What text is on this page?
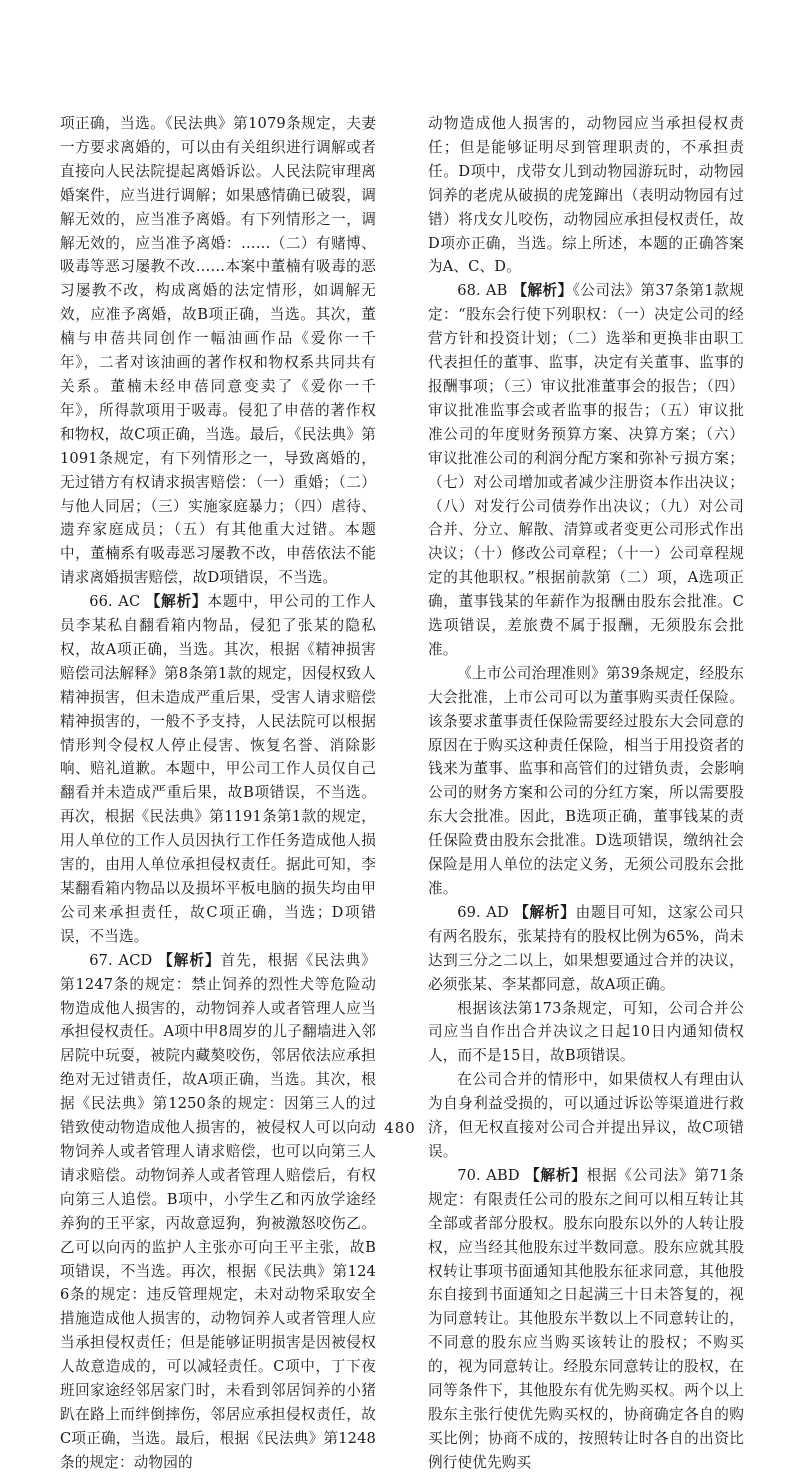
项正确，当选。《民法典》第1079条规定，夫妻一方要求离婚的，可以由有关组织进行调解或者直接向人民法院提起离婚诉讼。人民法院审理离婚案件，应当进行调解；如果感情确已破裂，调解无效的，应当准予离婚。有下列情形之一，调解无效的，应当准予离婚：……（二）有赌博、吸毒等恶习屡教不改……本案中董楠有吸毒的恶习屡教不改，构成离婚的法定情形，如调解无效，应准予离婚，故B项正确，当选。其次，董楠与申蓓共同创作一幅油画作品《爱你一千年》，二者对该油画的著作权和物权系共同共有关系。董楠未经申蓓同意变卖了《爱你一千年》，所得款项用于吸毒。侵犯了申蓓的著作权和物权，故C项正确，当选。最后，《民法典》第1091条规定，有下列情形之一，导致离婚的，无过错方有权请求损害赔偿：（一）重婚；（二）与他人同居；（三）实施家庭暴力；（四）虐待、遗弃家庭成员；（五）有其他重大过错。本题中，董楠系有吸毒恶习屡教不改，申蓓依法不能请求离婚损害赔偿，故D项错误，不当选。

66. AC 【解析】本题中，甲公司的工作人员李某私自翻看箱内物品，侵犯了张某的隐私权，故A项正确，当选。其次，根据《精神损害赔偿司法解释》第8条第1款的规定，因侵权致人精神损害，但未造成严重后果，受害人请求赔偿精神损害的，一般不予支持，人民法院可以根据情形判令侵权人停止侵害、恢复名誉、消除影响、赔礼道歉。本题中，甲公司工作人员仅自己翻看并未造成严重后果，故B项错误，不当选。再次，根据《民法典》第1191条第1款的规定，用人单位的工作人员因执行工作任务造成他人损害的，由用人单位承担侵权责任。据此可知，李某翻看箱内物品以及损坏平板电脑的损失均由甲公司来承担责任，故C项正确，当选；D项错误，不当选。

67. ACD 【解析】首先，根据《民法典》第1247条的规定：禁止饲养的烈性犬等危险动物造成他人损害的，动物饲养人或者管理人应当承担侵权责任。A项中甲8周岁的儿子翻墙进入邻居院中玩耍，被院内藏獒咬伤，邻居依法应承担绝对无过错责任，故A项正确，当选。其次，根据《民法典》第1250条的规定：因第三人的过错致使动物造成他人损害的，被侵权人可以向动物饲养人或者管理人请求赔偿，也可以向第三人请求赔偿。动物饲养人或者管理人赔偿后，有权向第三人追偿。B项中，小学生乙和丙放学途经养狗的王平家，丙故意逗狗，狗被激怒咬伤乙。乙可以向丙的监护人主张亦可向王平主张，故B项错误，不当选。再次，根据《民法典》第1246条的规定：违反管理规定，未对动物采取安全措施造成他人损害的，动物饲养人或者管理人应当承担侵权责任；但是能够证明损害是因被侵权人故意造成的，可以减轻责任。C项中，丁下夜班回家途经邻居家门时，未看到邻居饲养的小猪趴在路上而绊倒摔伤，邻居应承担侵权责任，故C项正确，当选。最后，根据《民法典》第1248条的规定：动物园的

动物造成他人损害的，动物园应当承担侵权责任；但是能够证明尽到管理职责的，不承担责任。D项中，戊带女儿到动物园游玩时，动物园饲养的老虎从破损的虎笼蹿出（表明动物园有过错）将戊女儿咬伤，动物园应承担侵权责任，故D项亦正确，当选。综上所述，本题的正确答案为A、C、D。

68. AB 【解析】《公司法》第37条第1款规定：“股东会行使下列职权：（一）决定公司的经营方针和投资计划；（二）选举和更换非由职工代表担任的董事、监事，决定有关董事、监事的报酬事项；（三）审议批准董事会的报告；（四）审议批准监事会或者监事的报告；（五）审议批准公司的年度财务预算方案、决算方案；（六）审议批准公司的利润分配方案和弥补亏损方案；（七）对公司增加或者减少注册资本作出决议；（八）对发行公司债券作出决议；（九）对公司合并、分立、解散、清算或者变更公司形式作出决议；（十）修改公司章程；（十一）公司章程规定的其他职权。”根据前款第（二）项，A选项正确，董事钱某的年薪作为报酬由股东会批准。C选项错误，差旅费不属于报酬，无须股东会批准。

《上市公司治理准则》第39条规定，经股东大会批准，上市公司可以为董事购买责任保险。该条要求董事责任保险需要经过股东大会同意的原因在于购买这种责任保险，相当于用投资者的钱来为董事、监事和高管们的过错负责，会影响公司的财务方案和公司的分红方案，所以需要股东大会批准。因此，B选项正确，董事钱某的责任保险费由股东会批准。D选项错误，缴纳社会保险是用人单位的法定义务，无须公司股东会批准。

69. AD 【解析】由题目可知，这家公司只有两名股东，张某持有的股权比例为65%，尚未达到三分之二以上，如果想要通过合并的决议，必须张某、李某都同意，故A项正确。

根据该法第173条规定，可知，公司合并公司应当自作出合并决议之日起10日内通知债权人，而不是15日，故B项错误。

在公司合并的情形中，如果债权人有理由认为自身利益受损的，可以通过诉讼等渠道进行救济，但无权直接对公司合并提出异议，故C项错误。

70. ABD 【解析】根据《公司法》第71条规定：有限责任公司的股东之间可以相互转让其全部或者部分股权。股东向股东以外的人转让股权，应当经其他股东过半数同意。股东应就其股权转让事项书面通知其他股东征求同意，其他股东自接到书面通知之日起满三十日未答复的，视为同意转让。其他股东半数以上不同意转让的，不同意的股东应当购买该转让的股权；不购买的，视为同意转让。经股东同意转让的股权，在同等条件下，其他股东有优先购买权。两个以上股东主张行使优先购买权的，协商确定各自的购买比例；协商不成的，按照转让时各自的出资比例行使优先购买

480
